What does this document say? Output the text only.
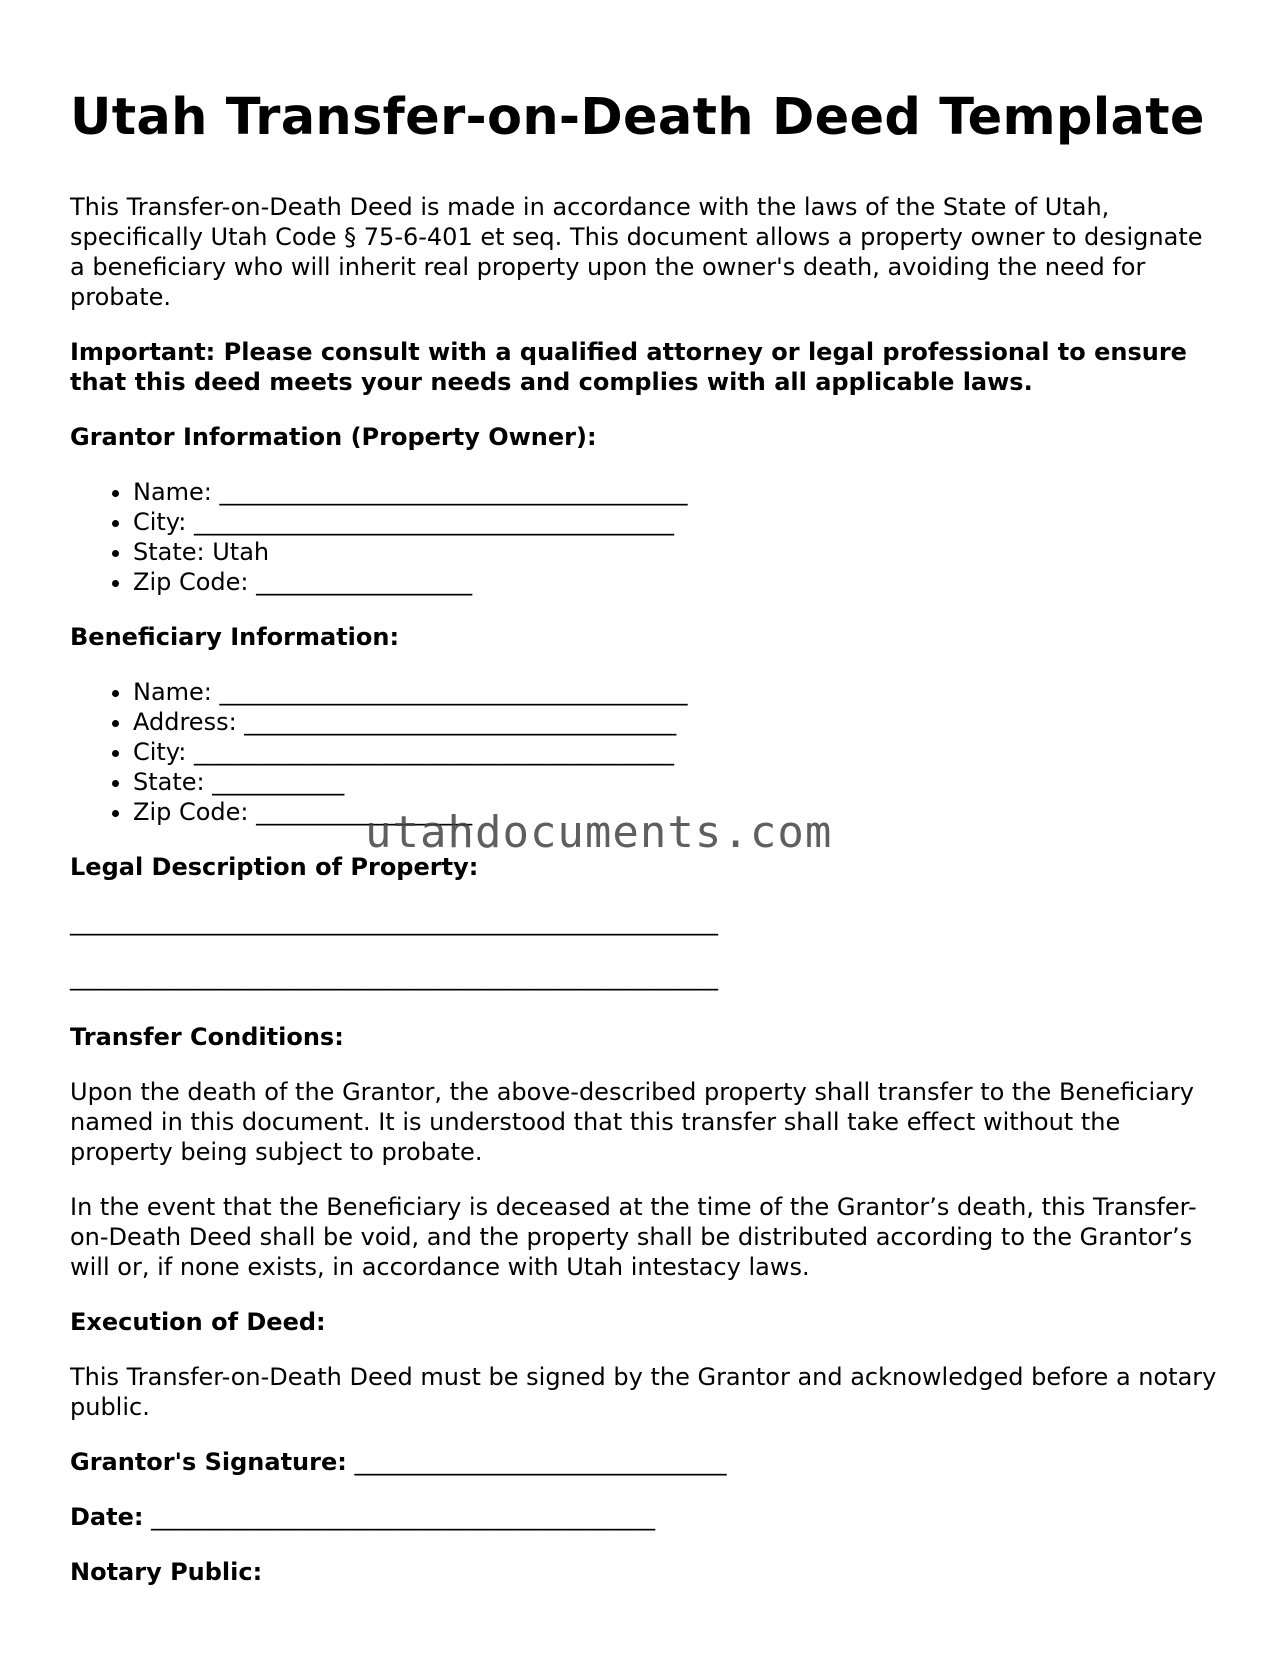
Utah Transfer-on-Death Deed Template

This Transfer-on-Death Deed is made in accordance with the laws of the State of Utah, specifically Utah Code § 75-6-401 et seq. This document allows a property owner to designate a beneficiary who will inherit real property upon the owner's death, avoiding the need for probate.

Important: Please consult with a qualified attorney or legal professional to ensure that this deed meets your needs and complies with all applicable laws.

Grantor Information (Property Owner):
• Name: _______________________________________
• City: ________________________________________
• State: Utah
• Zip Code: __________________
Beneficiary Information:
• Name: _______________________________________
• Address: ____________________________________
• City: ________________________________________
• State: ___________
• Zip Code: __________________
Legal Description of Property:
______________________________________________________
______________________________________________________
Transfer Conditions:

Upon the death of the Grantor, the above-described property shall transfer to the Beneficiary named in this document. It is understood that this transfer shall take effect without the property being subject to probate.

In the event that the Beneficiary is deceased at the time of the Grantor’s death, this Transfer-on-Death Deed shall be void, and the property shall be distributed according to the Grantor’s will or, if none exists, in accordance with Utah intestacy laws.

Execution of Deed:

This Transfer-on-Death Deed must be signed by the Grantor and acknowledged before a notary public.

Grantor's Signature: _______________________________
Date: __________________________________________
Notary Public:
utahdocuments.com
